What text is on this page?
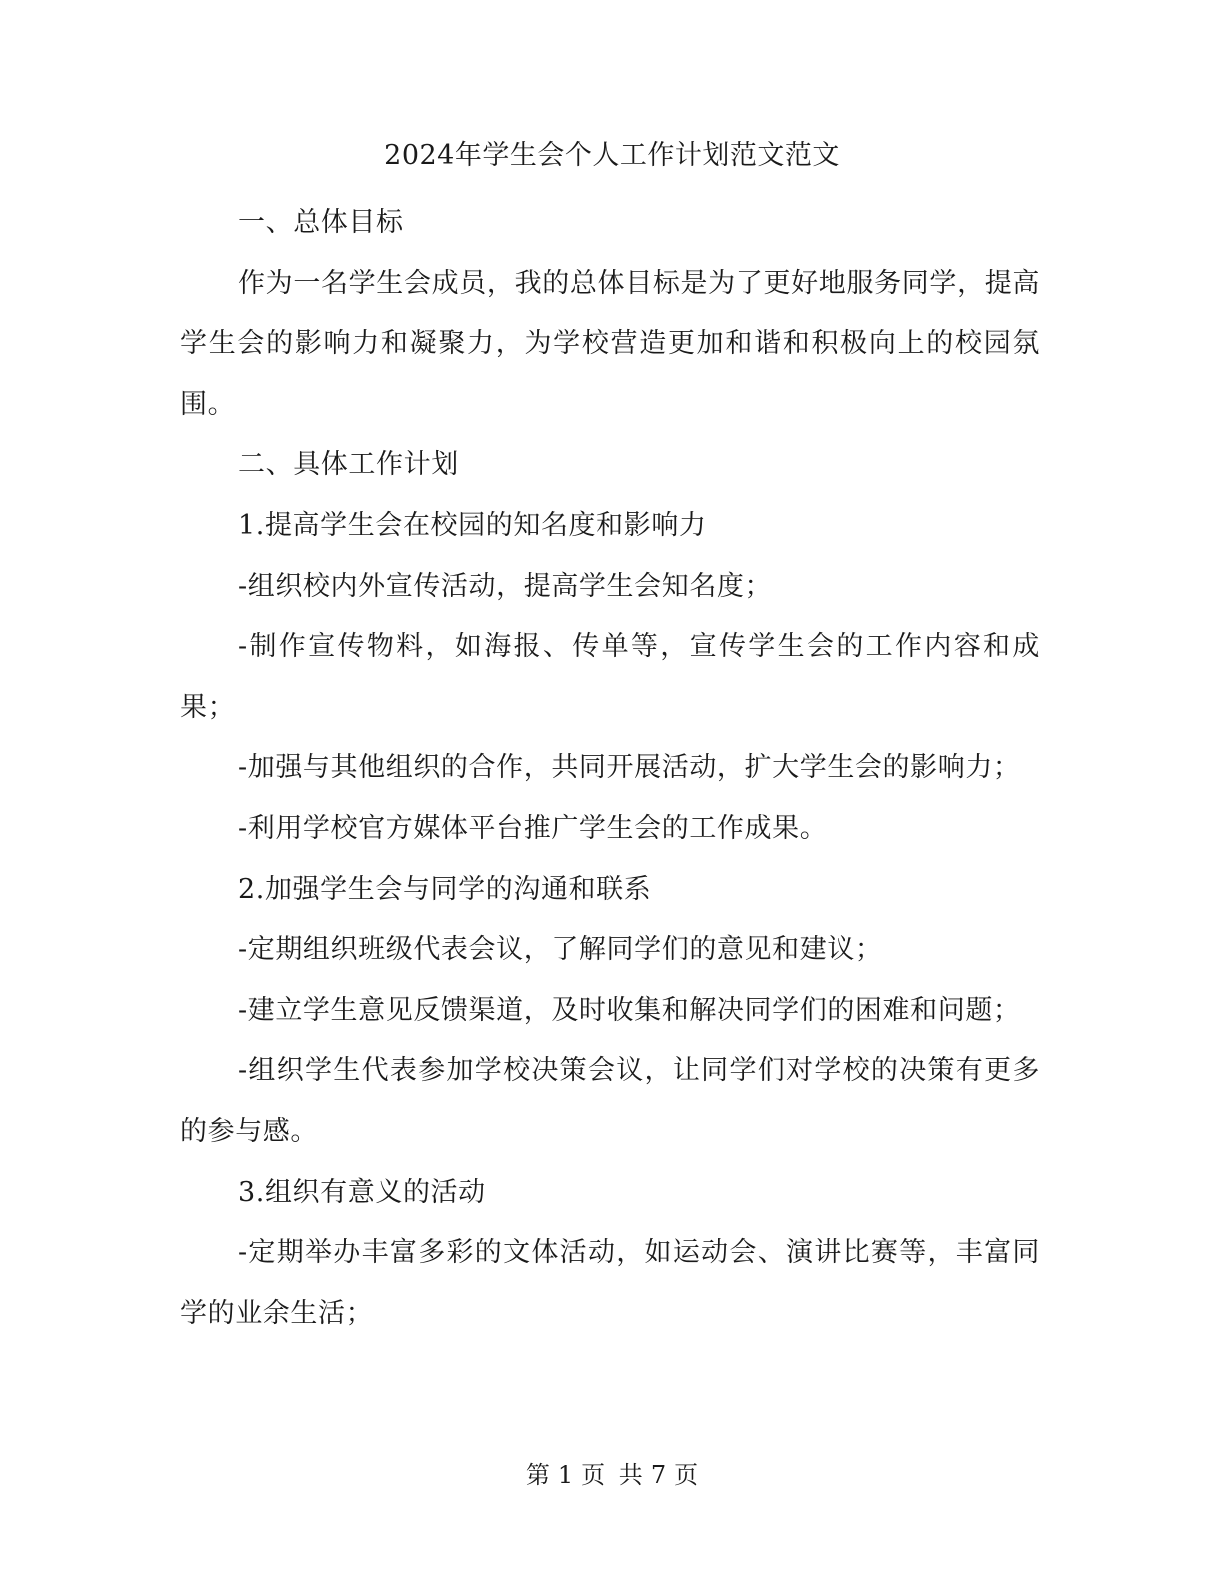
2024年学生会个人工作计划范文范文

一、总体目标

作为一名学生会成员，我的总体目标是为了更好地服务同学，提高学生会的影响力和凝聚力，为学校营造更加和谐和积极向上的校园氛围。

二、具体工作计划

1.提高学生会在校园的知名度和影响力

-组织校内外宣传活动，提高学生会知名度；

-制作宣传物料，如海报、传单等，宣传学生会的工作内容和成果；

-加强与其他组织的合作，共同开展活动，扩大学生会的影响力；

-利用学校官方媒体平台推广学生会的工作成果。

2.加强学生会与同学的沟通和联系

-定期组织班级代表会议，了解同学们的意见和建议；

-建立学生意见反馈渠道，及时收集和解决同学们的困难和问题；

-组织学生代表参加学校决策会议，让同学们对学校的决策有更多的参与感。

3.组织有意义的活动

-定期举办丰富多彩的文体活动，如运动会、演讲比赛等，丰富同学的业余生活；

第 1 页 共 7 页
